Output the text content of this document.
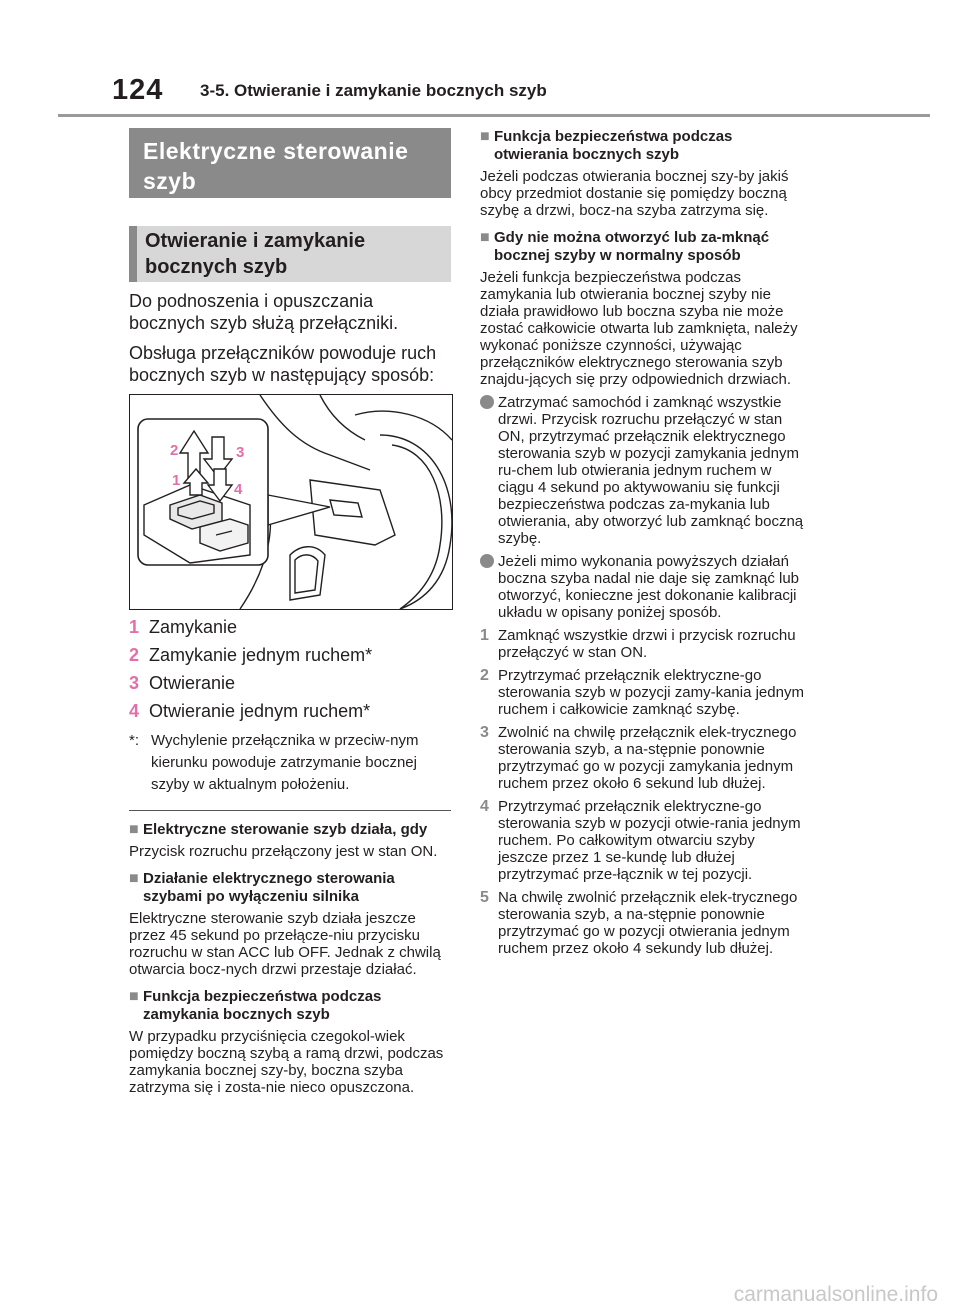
124 3-5. Otwieranie i zamykanie bocznych szyb
Elektryczne sterowanie szyb
Otwieranie i zamykanie bocznych szyb

Do podnoszenia i opuszczania bocznych szyb służą przełączniki.

Obsługa przełączników powoduje ruch bocznych szyb w następujący sposób:

2	3
1
4
1 Zamykanie
2 Zamykanie jednym ruchem*
3 Otwieranie
4 Otwieranie jednym ruchem*
*: Wychylenie przełącznika w przeciw-nym kierunku powoduje zatrzymanie bocznej szyby w aktualnym położeniu.
■ Elektryczne sterowanie szyb działa, gdy
Przycisk rozruchu przełączony jest w stan ON.
■ Działanie elektrycznego sterowania szybami po wyłączeniu silnika
Elektryczne sterowanie szyb działa jeszcze przez 45 sekund po przełącze-niu przycisku rozruchu w stan ACC lub OFF. Jednak z chwilą otwarcia bocz-nych drzwi przestaje działać.
■ Funkcja bezpieczeństwa podczas zamykania bocznych szyb
W przypadku przyciśnięcia czegokol-wiek pomiędzy boczną szybą a ramą drzwi, podczas zamykania bocznej szy-by, boczna szyba zatrzyma się i zosta-nie nieco opuszczona.
■ Funkcja bezpieczeństwa podczas otwierania bocznych szyb
Jeżeli podczas otwierania bocznej szy-by jakiś obcy przedmiot dostanie się pomiędzy boczną szybę a drzwi, bocz-na szyba zatrzyma się.
■ Gdy nie można otworzyć lub za-mknąć bocznej szyby w normalny sposób
Jeżeli funkcja bezpieczeństwa podczas zamykania lub otwierania bocznej szyby nie działa prawidłowo lub boczna szyba nie może zostać całkowicie otwarta lub zamknięta, należy wykonać poniższe czynności, używając przełączników elektrycznego sterowania szyb znajdu-jących się przy odpowiednich drzwiach.
Zatrzymać samochód i zamknąć wszystkie drzwi. Przycisk rozruchu przełączyć w stan ON, przytrzymać przełącznik elektrycznego sterowania szyb w pozycji zamykania jednym ru-chem lub otwierania jednym ruchem w ciągu 4 sekund po aktywowaniu się funkcji bezpieczeństwa podczas za-mykania lub otwierania, aby otworzyć lub zamknąć boczną szybę.
Jeżeli mimo wykonania powyższych działań boczna szyba nadal nie daje się zamknąć lub otworzyć, konieczne jest dokonanie kalibracji układu w opisany poniżej sposób.
1 Zamknąć wszystkie drzwi i przycisk rozruchu przełączyć w stan ON.
2 Przytrzymać przełącznik elektryczne-go sterowania szyb w pozycji zamy-kania jednym ruchem i całkowicie zamknąć szybę.
3 Zwolnić na chwilę przełącznik elek-trycznego sterowania szyb, a na-stępnie ponownie przytrzymać go w pozycji zamykania jednym ruchem przez około 6 sekund lub dłużej.
4 Przytrzymać przełącznik elektryczne-go sterowania szyb w pozycji otwie-rania jednym ruchem. Po całkowitym otwarciu szyby jeszcze przez 1 se-kundę lub dłużej przytrzymać prze-łącznik w tej pozycji.
5 Na chwilę zwolnić przełącznik elek-trycznego sterowania szyb, a na-stępnie ponownie przytrzymać go w pozycji otwierania jednym ruchem przez około 4 sekundy lub dłużej.
carmanualsonline.info
